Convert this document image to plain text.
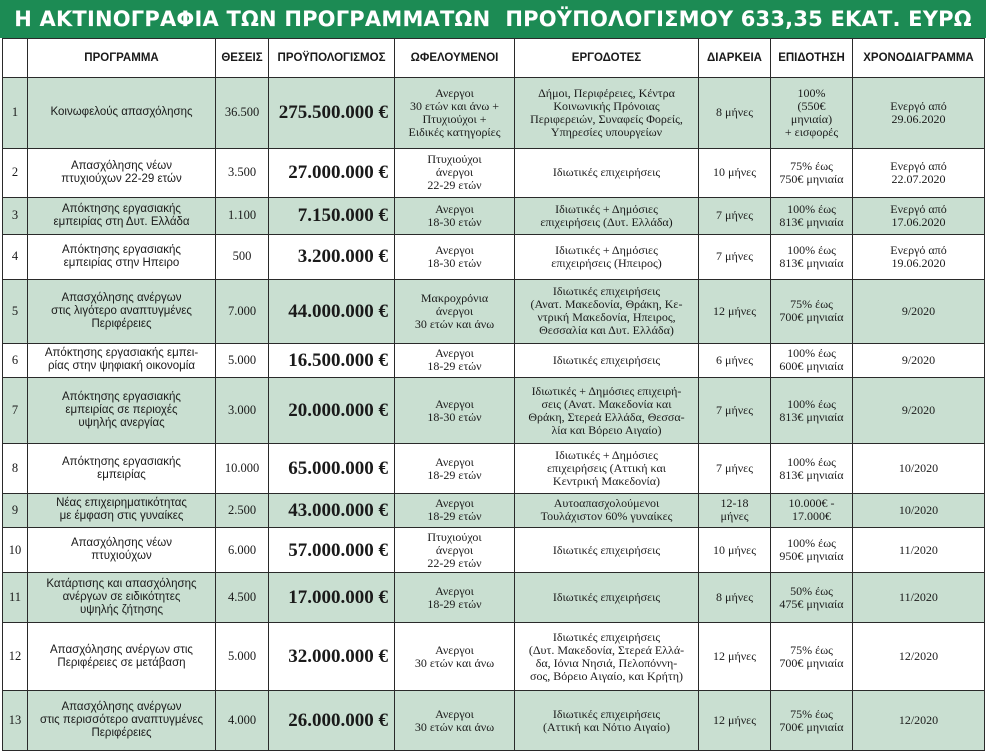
Η ΑΚΤΙΝΟΓΡΑΦΙΑ ΤΩΝ ΠΡΟΓΡΑΜΜΑΤΩΝ  ΠΡΟΫΠΟΛΟΓΙΣΜΟΥ 633,35 ΕΚΑΤ. ΕΥΡΩ
	ΠΡΟΓΡΑΜΜΑ	ΘΕΣΕΙΣ	ΠΡΟΫΠΟΛΟΓΙΣΜΟΣ	ΩΦΕΛΟΥΜΕΝΟΙ	ΕΡΓΟΔΟΤΕΣ	ΔΙΑΡΚΕΙΑ	ΕΠΙΔΟΤΗΣΗ	ΧΡΟΝΟΔΙΑΓΡΑΜΜΑ
1	Κοινωφελούς απασχόλησης	36.500	275.500.000 €	Ανεργοι
30 ετών και άνω +
Πτυχιούχοι +
Ειδικές κατηγορίες	Δήμοι, Περιφέρειες, Κέντρα
Κοινωνικής Πρόνοιας
Περιφερειών, Συναφείς Φορείς,
Υπηρεσίες υπουργείων	8 μήνες	100%
(550€
μηνιαία)
+ εισφορές	Ενεργό από
29.06.2020
2	Απασχόλησης νέων
πτυχιούχων 22-29 ετών	3.500	27.000.000 €	Πτυχιούχοι
άνεργοι
22-29 ετών	Ιδιωτικές επιχειρήσεις	10 μήνες	75% έως
750€ μηνιαία	Ενεργό από
22.07.2020
3	Απόκτησης εργασιακής
εμπειρίας στη Δυτ. Ελλάδα	1.100	7.150.000 €	Ανεργοι
18-30 ετών	Ιδιωτικές + Δημόσιες
επιχειρήσεις (Δυτ. Ελλάδα)	7 μήνες	100% έως
813€ μηνιαία	Ενεργό από
17.06.2020
4	Απόκτησης εργασιακής
εμπειρίας στην Ηπειρο	500	3.200.000 €	Ανεργοι
18-30 ετών	Ιδιωτικές + Δημόσιες
επιχειρήσεις (Ηπειρος)	7 μήνες	100% έως
813€ μηνιαία	Ενεργό από
19.06.2020
5	Απασχόλησης ανέργων
στις λιγότερο αναπτυγμένες
Περιφέρειες	7.000	44.000.000 €	Μακροχρόνια
άνεργοι
30 ετών και άνω	Ιδιωτικές επιχειρήσεις
(Ανατ. Μακεδονία, Θράκη, Κε-
ντρική Μακεδονία, Ηπειρος,
Θεσσαλία και Δυτ. Ελλάδα)	12 μήνες	75% έως
700€ μηνιαία	9/2020
6	Απόκτησης εργασιακής εμπει-
ρίας στην ψηφιακή οικονομία	5.000	16.500.000 €	Ανεργοι
18-29 ετών	Ιδιωτικές επιχειρήσεις	6 μήνες	100% έως
600€ μηνιαία	9/2020
7	Απόκτησης εργασιακής
εμπειρίας σε περιοχές
υψηλής ανεργίας	3.000	20.000.000 €	Ανεργοι
18-30 ετών	Ιδιωτικές + Δημόσιες επιχειρή-
σεις (Ανατ. Μακεδονία και
Θράκη, Στερεά Ελλάδα, Θεσσα-
λία και Βόρειο Αιγαίο)	7 μήνες	100% έως
813€ μηνιαία	9/2020
8	Απόκτησης εργασιακής
εμπειρίας	10.000	65.000.000 €	Ανεργοι
18-29 ετών	Ιδιωτικές + Δημόσιες
επιχειρήσεις (Αττική και
Κεντρική Μακεδονία)	7 μήνες	100% έως
813€ μηνιαία	10/2020
9	Νέας επιχειρηματικότητας
με έμφαση στις γυναίκες	2.500	43.000.000 €	Ανεργοι
18-29 ετών	Αυτοαπασχολούμενοι
Τουλάχιστον 60% γυναίκες	12-18
μήνες	10.000€ -
17.000€	10/2020
10	Απασχόλησης νέων
πτυχιούχων	6.000	57.000.000 €	Πτυχιούχοι
άνεργοι
22-29 ετών	Ιδιωτικές επιχειρήσεις	10 μήνες	100% έως
950€ μηνιαία	11/2020
11	Κατάρτισης και απασχόλησης
ανέργων σε ειδικότητες
υψηλής ζήτησης	4.500	17.000.000 €	Ανεργοι
18-29 ετών	Ιδιωτικές επιχειρήσεις	8 μήνες	50% έως
475€ μηνιαία	11/2020
12	Απασχόλησης ανέργων στις
Περιφέρειες σε μετάβαση	5.000	32.000.000 €	Ανεργοι
30 ετών και άνω	Ιδιωτικές επιχειρήσεις
(Δυτ. Μακεδονία, Στερεά Ελλά-
δα, Ιόνια Νησιά, Πελοπόννη-
σος, Βόρειο Αιγαίο, και Κρήτη)	12 μήνες	75% έως
700€ μηνιαία	12/2020
13	Απασχόλησης ανέργων
στις περισσότερο αναπτυγμένες
Περιφέρειες	4.000	26.000.000 €	Ανεργοι
30 ετών και άνω	Ιδιωτικές επιχειρήσεις
(Αττική και Νότιο Αιγαίο)	12 μήνες	75% έως
700€ μηνιαία	12/2020
